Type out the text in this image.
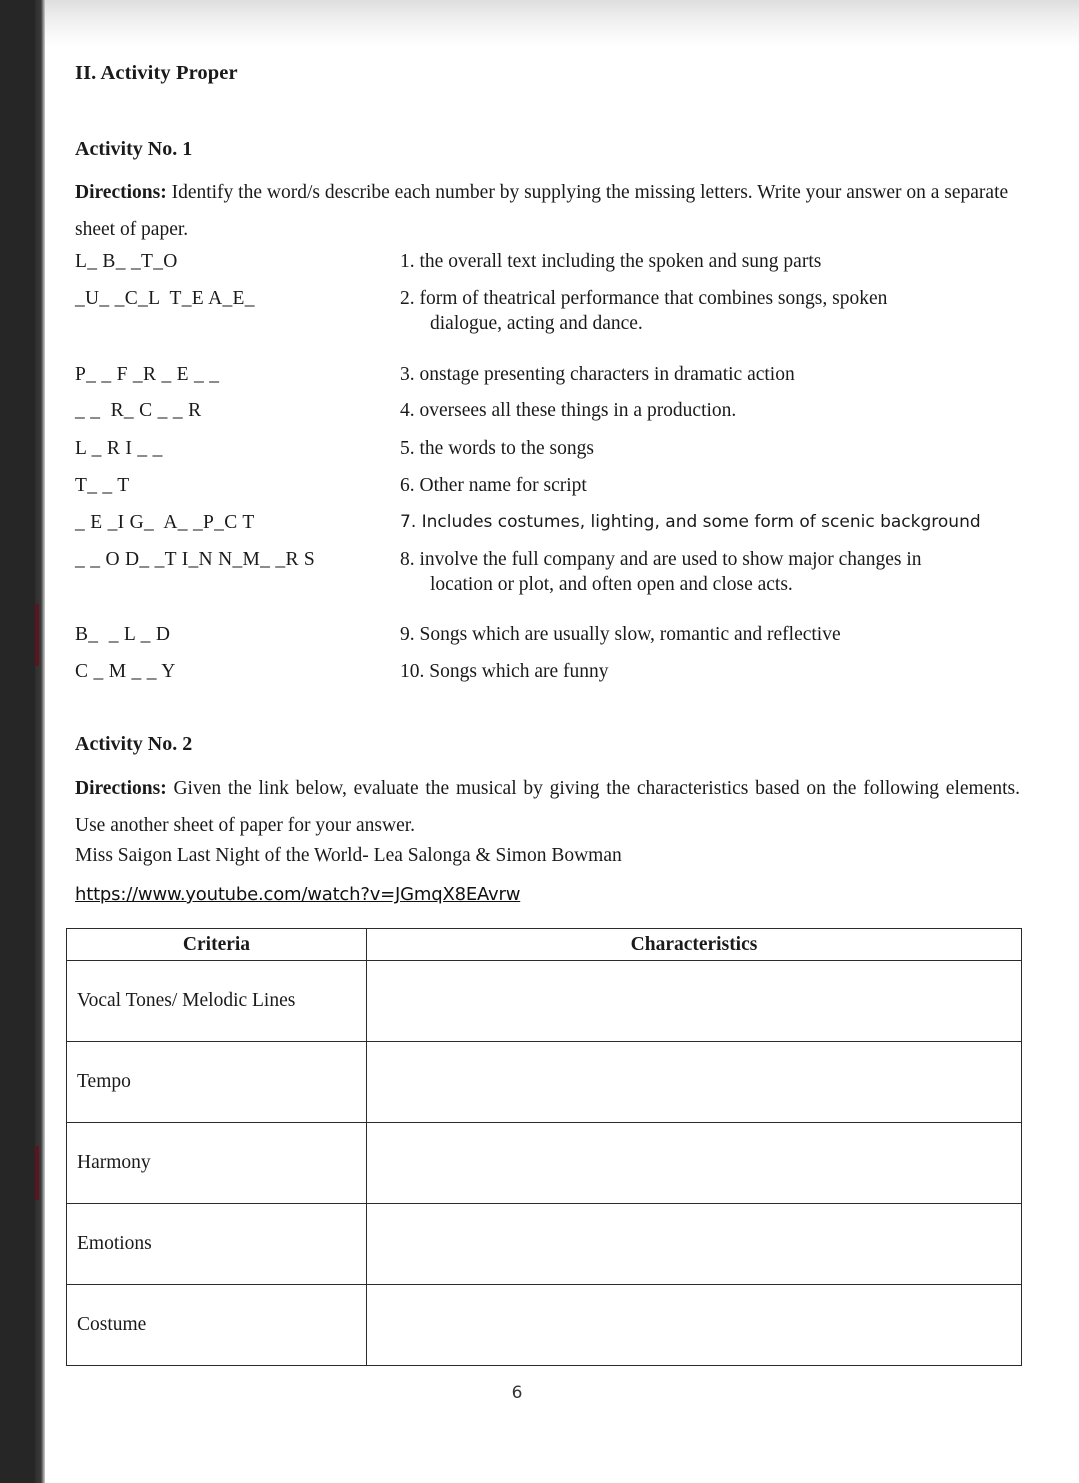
II. Activity Proper
Activity No. 1

Directions: Identify the word/s describe each number by supplying the missing letters. Write your answer on a separate sheet of paper.

L_ B_ _T_O	1. the overall text including the spoken and sung parts
_U_ _C_L  T_E A_E_	2. form of theatrical performance that combines songs, spoken
dialogue, acting and dance.
P_ _ F _R _ E _ _	3. onstage presenting characters in dramatic action
_ _  R_ C _ _ R	4. oversees all these things in a production.
L _ R I _ _	5. the words to the songs
T_ _ T	6. Other name for script
_ E _I G_  A_ _P_C T	7. Includes costumes, lighting, and some form of scenic background
_ _ O D_ _T I_N N_M_ _R S	8. involve the full company and are used to show major changes in
location or plot, and often open and close acts.
B_  _ L _ D	9. Songs which are usually slow, romantic and reflective
C _ M _ _ Y	10. Songs which are funny
Activity No. 2

Directions: Given the link below, evaluate the musical by giving the characteristics based on the following elements. Use another sheet of paper for your answer.

Miss Saigon Last Night of the World- Lea Salonga & Simon Bowman
https://www.youtube.com/watch?v=JGmqX8EAvrw
Criteria	Characteristics
Vocal Tones/ Melodic Lines	
Tempo	
Harmony	
Emotions	
Costume	
6
